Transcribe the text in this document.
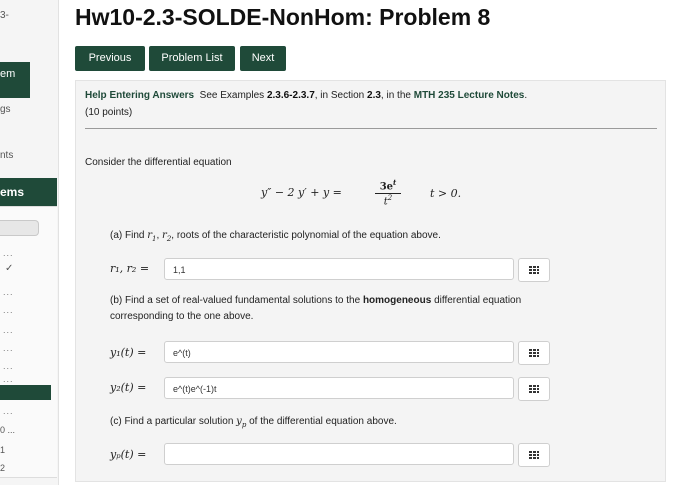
3-
em
gs
nts
ems
...
✓
...
...
...
...
...
...
...
0 ...
1
2
Hw10-2.3-SOLDE-NonHom: Problem 8
Previous	Problem List	Next
Help Entering Answers See Examples 2.3.6-2.3.7, in Section 2.3, in the MTH 235 Lecture Notes.
(10 points)
Consider the differential equation
y″ − 2 y′ + y =	$\frac{3e^t}{t^2}$	t > 0.
(a) Find $r_1$, $r_2$, roots of the characteristic polynomial of the equation above.
r₁, r₂ =	1,1
(b) Find a set of real-valued fundamental solutions to the homogeneous differential equation
corresponding to the one above.
y₁(t) =	e^(t)
y₂(t) =	e^(t)e^(-1)t
(c) Find a particular solution $y_p$ of the differential equation above.
yₚ(t) =
